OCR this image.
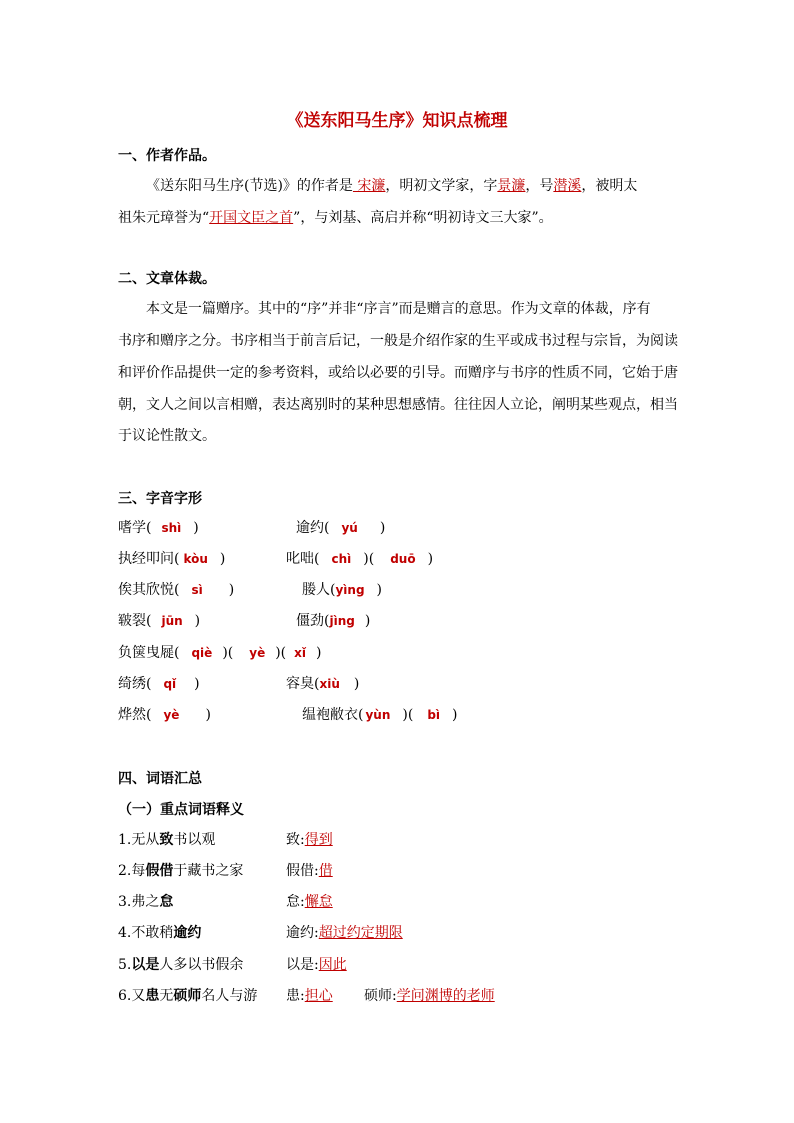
《送东阳马生序》知识点梳理
一、作者作品。
《送东阳马生序(节选)》的作者是 宋濂，明初文学家，字景濂，号潜溪，被明太
祖朱元璋誉为“开国文臣之首”，与刘基、高启并称“明初诗文三大家”。
二、文章体裁。
本文是一篇赠序。其中的“序”并非“序言”而是赠言的意思。作为文章的体裁，序有
书序和赠序之分。书序相当于前言后记，一般是介绍作家的生平或成书过程与宗旨，为阅读
和评价作品提供一定的参考资料，或给以必要的引导。而赠序与书序的性质不同，它始于唐
朝，文人之间以言相赠，表达离别时的某种思想感情。往往因人立论，阐明某些观点，相当
于议论性散文。
三、字音字形
嗜学( shì )	逾约( yú )
执经叩问( kòu )	叱咄( chì )( duō )
俟其欣悦( sì )	媵人(yìng )
皲裂( jūn )	僵劲(jìng )
负箧曳屣( qiè )( yè )( xǐ )
绮绣( qǐ )	容臭(xiù )
烨然( yè )	缊袍敝衣( yùn )( bì )
四、词语汇总
（一）重点词语释义
1.无从致书以观	致:得到
2.每假借于藏书之家	假借:借
3.弗之怠	怠:懈怠
4.不敢稍逾约	逾约:超过约定期限
5.以是人多以书假余	以是:因此
6.又患无硕师名人与游 患:担心 硕师:学问渊博的老师
